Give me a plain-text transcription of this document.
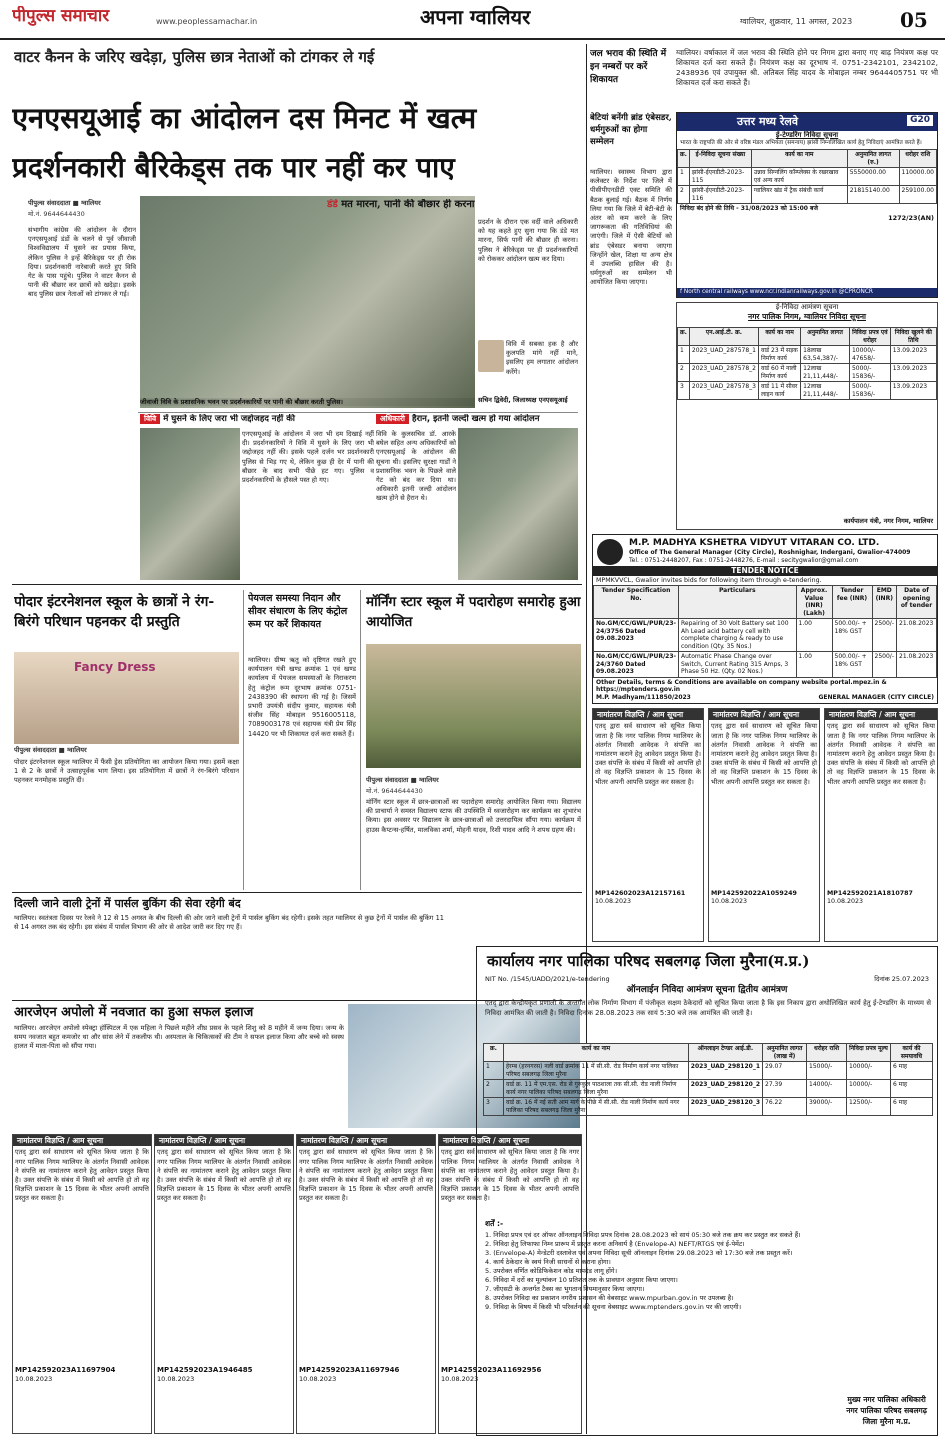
पीपुल्स समाचार	www.peoplessamachar.in	अपना ग्वालियर	ग्वालियर, शुक्रवार, 11 अगस्त, 2023	05
वाटर कैनन के जरिए खदेड़ा, पुलिस छात्र नेताओं को टांगकर ले गई
एनएसयूआई का आंदोलन दस मिनट में खत्म
प्रदर्शनकारी बैरिकेड्स तक पार नहीं कर पाए
पीपुल्स संवाददाता ■ ग्वालियर
मो.नं. 9644644430
संभागीय कांग्रेस की आंदोलन के दौरान एनएसयूआई डंडों के चलने से पूर्व जीवाजी विश्वविद्यालय में घुसने का प्रयास किया, लेकिन पुलिस ने इन्हें बैरिकेड्स पर ही रोक दिया। प्रदर्शनकारी नारेबाजी करते हुए विवि गेट के पास पहुंचे। पुलिस ने वाटर कैनन से पानी की बौछार कर छात्रों को खदेड़ा। इसके बाद पुलिस छात्र नेताओं को टांगकर ले गई।
जीवाजी विवि के प्रशासनिक भवन पर प्रदर्शनकारियों पर पानी की बौछार करती पुलिस।
डंडे मत मारना, पानी की बौछार ही करना
प्रदर्शन के दौरान एक वर्दी वाले अधिकारी को यह कहते हुए सुना गया कि डंडे मत मारना, सिर्फ पानी की बौछार ही करना। पुलिस ने बेरिकेड्स पर ही प्रदर्शनकारियों को रोककर आंदोलन खत्म कर दिया।
विवि में सबका हक है और कुलपति मांगे नहीं माने, इसलिए हम लगातार आंदोलन करेंगे।
सचिन द्विवेदी, जिलाध्यक्ष एनएसयूआई
विवि में घुसने के लिए जरा भी जद्दोजहद नहीं की
एनएसयूआई के आंदोलन में जरा भी दम दिखाई नहीं दी। प्रदर्शनकारियों ने विवि में घुसने के लिए जरा भी जद्दोजहद नहीं की। इसके पहले दर्जन भर प्रदर्शनकारी पुलिस से भिड़ गए थे, लेकिन कुछ ही देर में पानी की बौछार के बाद सभी पीछे हट गए। पुलिस व प्रदर्शनकारियों के हौसले पस्त हो गए।
अधिकारी हैरान, इतनी जल्दी खत्म हो गया आंदोलन
विवि के कुलसचिव डॉ. आरके बघेल सहित अन्य अधिकारियों को एनएसयूआई के आंदोलन की सूचना थी। इसलिए सुरक्षा गार्डों ने प्रशासनिक भवन के पिछले वाले गेट को बंद कर दिया था। अधिकारी इतनी जल्दी आंदोलन खत्म होने से हैरान थे।
पोदार इंटरनेशनल स्कूल के छात्रों ने रंग-बिरंगे परिधान पहनकर दी प्रस्तुति
Fancy Dress
पीपुल्स संवाददाता ■ ग्वालियर
पोदार इंटरनेशनल स्कूल ग्वालियर में फैंसी ड्रेस प्रतियोगिता का आयोजन किया गया। इसमें कक्षा 1 से 2 के छात्रों ने उत्साहपूर्वक भाग लिया। इस प्रतियोगिता में छात्रों ने रंग-बिरंगे परिधान पहनकर मनमोहक प्रस्तुति दी।
पेयजल समस्या निदान और सीवर संधारण के लिए कंट्रोल रूम पर करें शिकायत
ग्वालियर। ग्रीष्म ऋतु को दृष्टिगत रखते हुए कार्यपालन यंत्री खण्ड क्रमांक 1 एवं खण्ड कार्यालय में पेयजल समस्याओं के निराकरण हेतु कंट्रोल रूम दूरभाष क्रमांक 0751-2438390 की स्थापना की गई है। जिसमें प्रभारी उपयंत्री संदीप कुमार, सहायक यंत्री संजीव सिंह मोबाइल 9516005118, 7089003178 एवं सहायक यंत्री प्रेम सिंह 14420 पर भी शिकायत दर्ज करा सकते हैं।
मॉर्निंग स्टार स्कूल में पदारोहण समारोह हुआ आयोजित
पीपुल्स संवाददाता ■ ग्वालियर
मो.नं. 9644644430
मॉर्निंग स्टार स्कूल में छात्र-छात्राओं का पदारोहण समारोह आयोजित किया गया। विद्यालय की प्राचार्या ने समस्त विद्यालय स्टाफ की उपस्थिति में ध्वजारोहण कर कार्यक्रम का शुभारंभ किया। इस अवसर पर विद्यालय के छात्र-छात्राओं को उत्तरदायित्व सौंपा गया। कार्यक्रम में हाउस कैप्टन्स-हर्षित, मालविका शर्मा, मोहनी यादव, रिशी यादव आदि ने शपथ ग्रहण की।
दिल्ली जाने वाली ट्रेनों में पार्सल बुकिंग की सेवा रहेगी बंद
ग्वालियर। स्वतंत्रता दिवस पर रेलवे ने 12 से 15 अगस्त के बीच दिल्ली की ओर जाने वाली ट्रेनों में पार्सल बुकिंग बंद रहेगी। इसके तहत ग्वालियर से कुछ ट्रेनों में पार्सल की बुकिंग 11 से 14 अगस्त तक बंद रहेगी। इस संबंध में पार्सल विभाग की ओर से आदेश जारी कर दिए गए हैं।
आरजेएन अपोलो में नवजात का हुआ सफल इलाज
ग्वालियर। आरजेएन अपोलो स्पेक्ट्रा हॉस्पिटल में एक महिला ने पिछले महीने शीघ्र प्रसव के पहले शिशु को 8 महीने में जन्म दिया। जन्म के समय नवजात बहुत कमजोर था और सांस लेने में तकलीफ थी। अस्पताल के चिकित्सकों की टीम ने सफल इलाज किया और बच्चे को स्वस्थ हालत में माता-पिता को सौंपा गया।
नामांतरण विज्ञप्ति / आम सूचना
एतद् द्वारा सर्व साधारण को सूचित किया जाता है कि नगर पालिक निगम ग्वालियर के अंतर्गत निवासी आवेदक ने संपत्ति का नामांतरण कराने हेतु आवेदन प्रस्तुत किया है। उक्त संपत्ति के संबंध में किसी को आपत्ति हो तो वह विज्ञप्ति प्रकाशन के 15 दिवस के भीतर अपनी आपत्ति प्रस्तुत कर सकता है।
MP142592023A11697904
10.08.2023
नामांतरण विज्ञप्ति / आम सूचना
एतद् द्वारा सर्व साधारण को सूचित किया जाता है कि नगर पालिक निगम ग्वालियर के अंतर्गत निवासी आवेदक ने संपत्ति का नामांतरण कराने हेतु आवेदन प्रस्तुत किया है। उक्त संपत्ति के संबंध में किसी को आपत्ति हो तो वह विज्ञप्ति प्रकाशन के 15 दिवस के भीतर अपनी आपत्ति प्रस्तुत कर सकता है।
MP142592023A1946485
10.08.2023
नामांतरण विज्ञप्ति / आम सूचना
एतद् द्वारा सर्व साधारण को सूचित किया जाता है कि नगर पालिक निगम ग्वालियर के अंतर्गत निवासी आवेदक ने संपत्ति का नामांतरण कराने हेतु आवेदन प्रस्तुत किया है। उक्त संपत्ति के संबंध में किसी को आपत्ति हो तो वह विज्ञप्ति प्रकाशन के 15 दिवस के भीतर अपनी आपत्ति प्रस्तुत कर सकता है।
MP142592023A11697946
10.08.2023
नामांतरण विज्ञप्ति / आम सूचना
एतद् द्वारा सर्व साधारण को सूचित किया जाता है कि नगर पालिक निगम ग्वालियर के अंतर्गत निवासी आवेदक ने संपत्ति का नामांतरण कराने हेतु आवेदन प्रस्तुत किया है। उक्त संपत्ति के संबंध में किसी को आपत्ति हो तो वह विज्ञप्ति प्रकाशन के 15 दिवस के भीतर अपनी आपत्ति प्रस्तुत कर सकता है।
MP142592023A11692956
10.08.2023
जल भराव की स्थिति में इन नम्बरों पर करें शिकायत
ग्वालियर। वर्षाकाल में जल भराव की स्थिति होने पर निगम द्वारा बनाए गए बाढ़ नियंत्रण कक्ष पर शिकायत दर्ज करा सकते हैं। नियंत्रण कक्ष का दूरभाष नं. 0751-2342101, 2342102, 2438936 एवं उपायुक्त श्री. अतिबल सिंह यादव के मोबाइल नम्बर 9644405751 पर भी शिकायत दर्ज करा सकते हैं।
बेटियां बनेंगी ब्रांड एंबेसडर, धर्मगुरुओं का होगा सम्मेलन
ग्वालियर। स्वास्थ्य विभाग द्वारा कलेक्टर के निर्देश पर जिले में पीसीपीएनडीटी एक्ट समिति की बैठक बुलाई गई। बैठक में निर्णय लिया गया कि जिले में बेटी-बेटी के अंतर को कम करने के लिए जागरूकता की गतिविधियां की जाएंगी। जिले में ऐसी बेटियों को ब्रांड एंबेसडर बनाया जाएगा जिन्होंने खेल, शिक्षा या अन्य क्षेत्र में उपलब्धि हासिल की है। धर्मगुरुओं का सम्मेलन भी आयोजित किया जाएगा।
उत्तर मध्य रेलवे	G20
ई-टेण्डरिंग निविदा सूचना
भारत के राष्ट्रपति की ओर से वरिष्ठ मंडल अभियंता (समन्वय) झांसी निम्नलिखित कार्य हेतु निविदाएं आमंत्रित करते हैं।
क्र.	ई-निविदा सूचना संख्या	कार्य का नाम	अनुमानित लागत (रु.)	धरोहर राशि
1	झांसी-ईएनडीटी-2023-115	उन्नाव सिग्नलिंग कॉम्प्लेक्स के रखरखाव एवं अन्य कार्य	5550000.00	110000.00
2	झांसी-ईएनडीटी-2023-116	ग्वालियर खंड में ट्रैक संबंधी कार्य	21815140.00	259100.00
निविदा बंद होने की तिथि - 31/08/2023 को 15:00 बजे
1272/23(AN)
f North central railways www.ncr.indianrailways.gov.in @CPRONCR
ई-निविदा आमंत्रण सूचना
नगर पालिक निगम, ग्वालियर निविदा सूचना
क्र.	एन.आई.टी. क्र.	कार्य का नाम	अनुमानित लागत	निविदा प्रपत्र एवं धरोहर	निविदा खुलने की तिथि
1	2023_UAD_287578_1	वार्ड 23 में सड़क निर्माण कार्य	18लाख 63,54,387/-	10000/- 47658/-	13.09.2023
2	2023_UAD_287578_2	वार्ड 60 में नाली निर्माण कार्य	12लाख 21,11,448/-	5000/- 15836/-	13.09.2023
3	2023_UAD_287578_3	वार्ड 11 में सीवर लाइन कार्य	12लाख 21,11,448/-	5000/- 15836/-	13.09.2023
कार्यपालन यंत्री, नगर निगम, ग्वालियर
M.P. MADHYA KSHETRA VIDYUT VITARAN CO. LTD.
Office of The General Manager (City Circle), Roshnighar, Indergani, Gwalior-474009
Tel. : 0751-2448207, Fax : 0751-2448276, E-mail : secitygwalior@gmail.com
TENDER NOTICE
MPMKVVCL, Gwalior invites bids for following item through e-tendering.
Tender Specification No.	Particulars	Approx. Value (INR) (Lakh)	Tender fee (INR)	EMD (INR)	Date of opening of tender
No.GM/CC/GWL/PUR/23-24/3756 Dated 09.08.2023	Repairing of 30 Volt Battery set 100 Ah Lead acid battery cell with complete charging & ready to use condition (Qty. 35 Nos.)	1.00	500.00/- + 18% GST	2500/-	21.08.2023
No.GM/CC/GWL/PUR/23-24/3760 Dated 09.08.2023	Automatic Phase Change over Switch, Current Rating 315 Amps, 3 Phase 50 Hz. (Qty. 02 Nos.)	1.00	500.00/- + 18% GST	2500/-	21.08.2023
Other Details, terms & Conditions are available on company website portal.mpez.in & https://mptenders.gov.in
M.P. Madhyam/111850/2023	GENERAL MANAGER (CITY CIRCLE)
नामांतरण विज्ञप्ति / आम सूचना
एतद् द्वारा सर्व साधारण को सूचित किया जाता है कि नगर पालिक निगम ग्वालियर के अंतर्गत निवासी आवेदक ने संपत्ति का नामांतरण कराने हेतु आवेदन प्रस्तुत किया है। उक्त संपत्ति के संबंध में किसी को आपत्ति हो तो वह विज्ञप्ति प्रकाशन के 15 दिवस के भीतर अपनी आपत्ति प्रस्तुत कर सकता है।
MP142602023A12157161
10.08.2023
नामांतरण विज्ञप्ति / आम सूचना
एतद् द्वारा सर्व साधारण को सूचित किया जाता है कि नगर पालिक निगम ग्वालियर के अंतर्गत निवासी आवेदक ने संपत्ति का नामांतरण कराने हेतु आवेदन प्रस्तुत किया है। उक्त संपत्ति के संबंध में किसी को आपत्ति हो तो वह विज्ञप्ति प्रकाशन के 15 दिवस के भीतर अपनी आपत्ति प्रस्तुत कर सकता है।
MP142592022A1059249
10.08.2023
नामांतरण विज्ञप्ति / आम सूचना
एतद् द्वारा सर्व साधारण को सूचित किया जाता है कि नगर पालिक निगम ग्वालियर के अंतर्गत निवासी आवेदक ने संपत्ति का नामांतरण कराने हेतु आवेदन प्रस्तुत किया है। उक्त संपत्ति के संबंध में किसी को आपत्ति हो तो वह विज्ञप्ति प्रकाशन के 15 दिवस के भीतर अपनी आपत्ति प्रस्तुत कर सकता है।
MP142592021A1810787
10.08.2023
कार्यालय नगर पालिका परिषद सबलगढ़ जिला मुरैना(म.प्र.)
NIT No. /1545/UADD/2021/e-tendering	दिनांक 25.07.2023
ऑनलाईन निविदा आमंत्रण सूचना द्वितीय आमंत्रण
एतद् द्वारा केन्द्रीयकृत प्रणाली के अन्तर्गत लोक निर्माण विभाग में पंजीकृत सक्षम ठेकेदारों को सूचित किया जाता है कि इस निकाय द्वारा अधोलिखित कार्य हेतु ई-टेण्डरिंग के माध्यम से निविदा आमंत्रित की जाती है। निविदा दिनांक 28.08.2023 तक सायं 5:30 बजे तक आमंत्रित की जाती है।
क्र.	कार्य का नाम	ऑनलाइन टेण्डर आई.डी.	अनुमानित लागत (लाख में)	धरोहर राशि	निविदा प्रपत्र मूल्य	कार्य की समयावधि
1	हेरम्ब (हरनगरस) नली वार्ड क्रमांक 11 में सी.सी. रोड निर्माण कार्य नगर पालिका परिषद सबलगढ़ जिला मुरैना	2023_UAD_298120_1	29.07	15000/-	10000/-	6 माह
2	वार्ड क्र. 11 में एम.एस. रोड से गुरुकुल पाठशाला तक सी.सी. रोड नाली निर्माण कार्य नगर पालिका परिषद सबलगढ़ जिला मुरैना	2023_UAD_298120_2	27.39	14000/-	10000/-	6 माह
3	वार्ड क्र. 16 में नई सती आम मार्ग के पीछे में सी.सी. रोड नाली निर्माण कार्य नगर पालिका परिषद सबलगढ़ जिला मुरैना	2023_UAD_298120_3	76.22	39000/-	12500/-	6 माह
शर्तें :-
1. निविदा प्रपत्र एवं दर ऑफर ऑनलाइन निविदा प्रपत्र दिनांक 28.08.2023 को सायं 05:30 बजे तक क्रय कर प्रस्तुत कर सकते हैं।
2. निविदा हेतु लिफाफा निम्न प्रारूप में प्रस्तुत करना अनिवार्य है (Envelope-A) NEFT/RTGS एवं ई-पेमेंट।
3. (Envelope-A) मेन्डेटरी दस्तावेज एवं अपना निविदा सूची ऑनलाइन दिनांक 29.08.2023 को 17:30 बजे तक प्रस्तुत करें।
4. कार्य ठेकेदार के स्वयं निजी साधनों से कराना होगा।
5. उपरोक्त वर्णित कोडिफिकेशन कोड मापदंड लागू होंगे।
6. निविदा में दरों का मूल्यांकन 10 प्रतिशत तक के प्रावधान अनुसार किया जाएगा।
7. जीएसटी के अन्तर्गत टैक्स का भुगतान नियमानुसार किया जाएगा।
8. उपरोक्त निविदा का प्रकाशन नगरीय प्रशासन की वेबसाइट www.mpurban.gov.in पर उपलब्ध है।
9. निविदा के विषय में किसी भी परिवर्तन की सूचना वेबसाइट www.mptenders.gov.in पर की जाएगी।
मुख्य नगर पालिका अधिकारी
नगर पालिका परिषद सबलगढ़
जिला मुरैना म.प्र.
